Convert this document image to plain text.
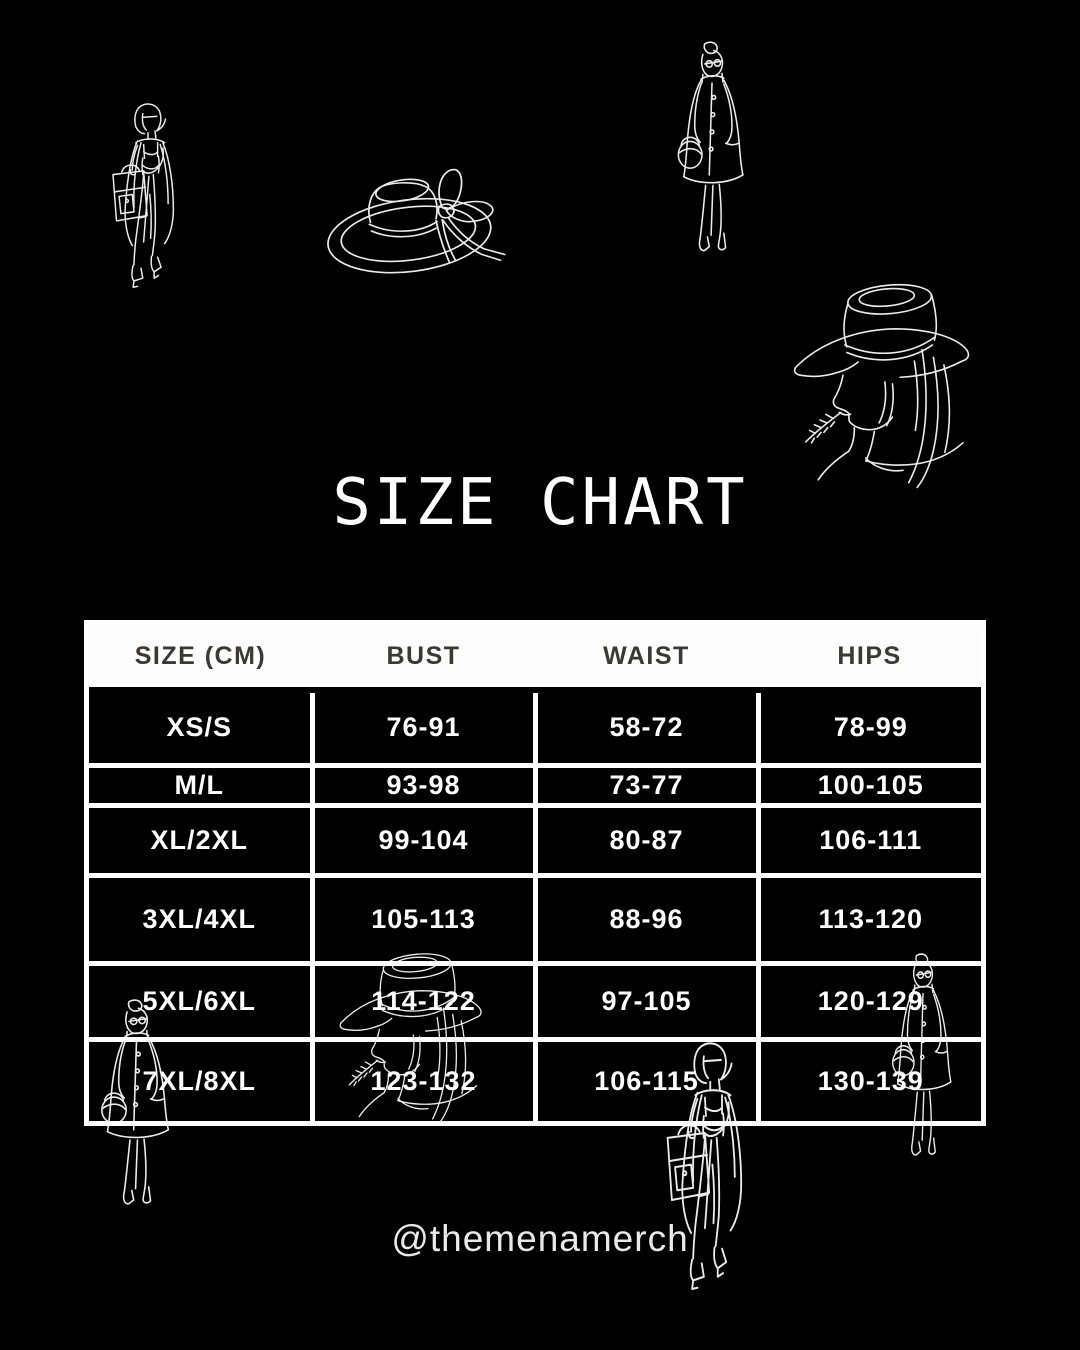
SIZE CHART
SIZE (CM)	BUST	WAIST	HIPS
XS/S	76-91	58-72	78-99
M/L	93-98	73-77	100-105
XL/2XL	99-104	80-87	106-111
3XL/4XL	105-113	88-96	113-120
5XL/6XL	114-122	97-105	120-129
7XL/8XL	123-132	106-115	130-139
@themenamerch
